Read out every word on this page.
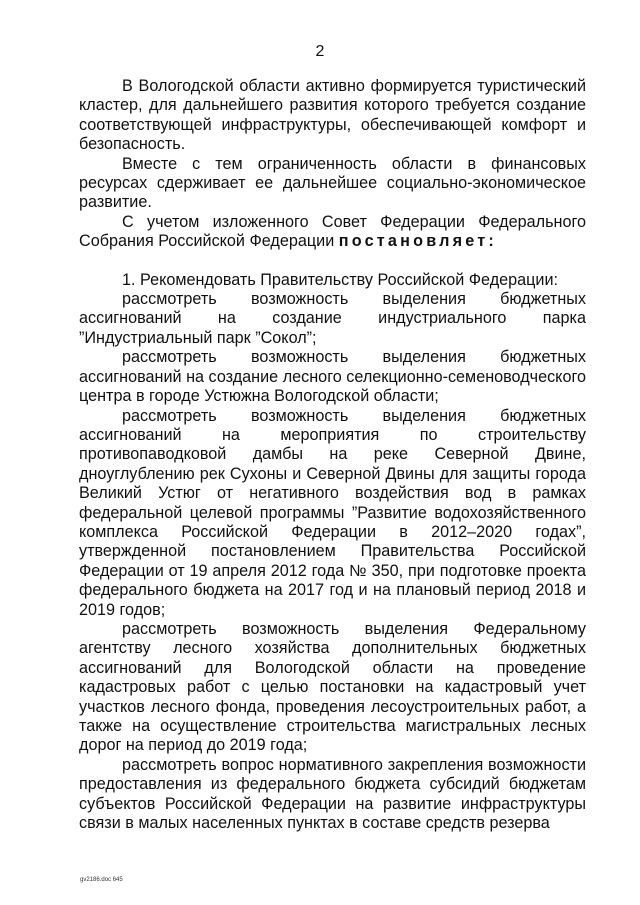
2

В Вологодской области активно формируется туристический кластер, для дальнейшего развития которого требуется создание соответствующей инфраструктуры, обеспечивающей комфорт и безопасность.

Вместе с тем ограниченность области в финансовых ресурсах сдерживает ее дальнейшее социально-экономическое развитие.

С учетом изложенного Совет Федерации Федерального Собрания Российской Федерации постановляет:

1. Рекомендовать Правительству Российской Федерации:

рассмотреть возможность выделения бюджетных ассигнований на создание индустриального парка ”Индустриальный парк ”Сокол”;

рассмотреть возможность выделения бюджетных ассигнований на создание лесного селекционно-семеноводческого центра в городе Устюжна Вологодской области;

рассмотреть возможность выделения бюджетных ассигнований на мероприятия по строительству противопаводковой дамбы на реке Северной Двине, дноуглублению рек Сухоны и Северной Двины для защиты города Великий Устюг от негативного воздействия вод в рамках федеральной целевой программы ”Развитие водохозяйственного комплекса Российской Федерации в 2012–2020 годах”, утвержденной постановлением Правительства Российской Федерации от 19 апреля 2012 года № 350, при подготовке проекта федерального бюджета на 2017 год и на плановый период 2018 и 2019 годов;

рассмотреть возможность выделения Федеральному агентству лесного хозяйства дополнительных бюджетных ассигнований для Вологодской области на проведение кадастровых работ с целью постановки на кадастровый учет участков лесного фонда, проведения лесоустроительных работ, а также на осуществление строительства магистральных лесных дорог на период до 2019 года;

рассмотреть вопрос нормативного закрепления возможности предоставления из федерального бюджета субсидий бюджетам субъектов Российской Федерации на развитие инфраструктуры связи в малых населенных пунктах в составе средств резерва

gv2186.doc 645
